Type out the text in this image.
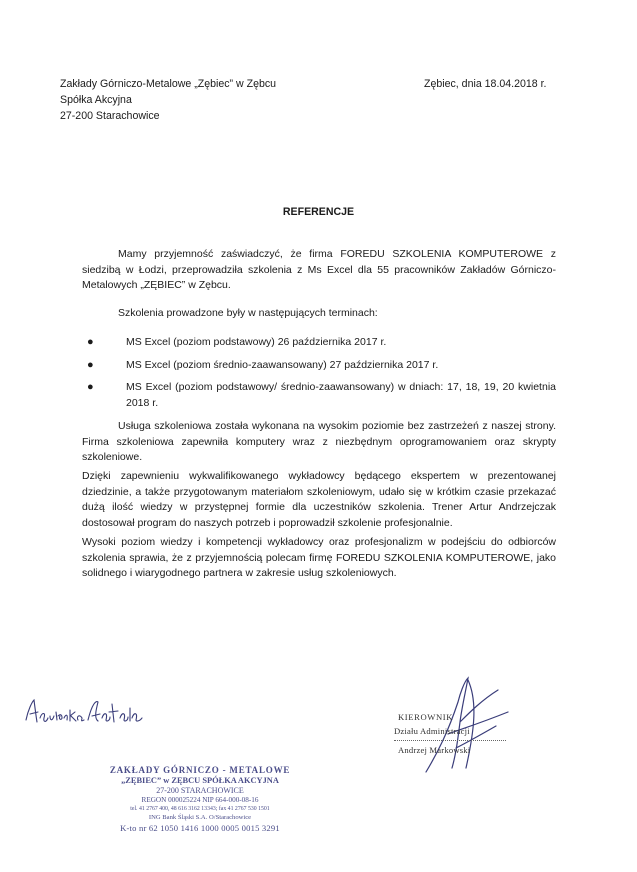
Zakłady Górniczo-Metalowe „Zębiec” w Zębcu
Spółka Akcyjna
27-200 Starachowice
Zębiec, dnia 18.04.2018 r.
REFERENCJE
Mamy przyjemność zaświadczyć, że firma FOREDU SZKOLENIA KOMPUTEROWE z siedzibą w Łodzi, przeprowadziła szkolenia z Ms Excel dla 55 pracowników Zakładów Górniczo- Metalowych „ZĘBIEC” w Zębcu.
Szkolenia prowadzone były w następujących terminach:
●	MS Excel (poziom podstawowy) 26 października 2017 r.
●	MS Excel (poziom średnio-zaawansowany) 27 października 2017 r.
●	MS Excel (poziom podstawowy/ średnio-zaawansowany) w dniach: 17, 18, 19, 20 kwietnia 2018 r.
Usługa szkoleniowa została wykonana na wysokim poziomie bez zastrzeżeń z naszej strony. Firma szkoleniowa zapewniła komputery wraz z niezbędnym oprogramowaniem oraz skrypty szkoleniowe.
Dzięki zapewnieniu wykwalifikowanego wykładowcy będącego ekspertem w prezentowanej dziedzinie, a także przygotowanym materiałom szkoleniowym, udało się w krótkim czasie przekazać dużą ilość wiedzy w przystępnej formie dla uczestników szkolenia. Trener Artur Andrzejczak dostosował program do naszych potrzeb i poprowadził szkolenie profesjonalnie.
Wysoki poziom wiedzy i kompetencji wykładowcy oraz profesjonalizm w podejściu do odbiorców szkolenia sprawia, że z przyjemnością polecam firmę FOREDU SZKOLENIA KOMPUTEROWE, jako solidnego i wiarygodnego partnera w zakresie usług szkoleniowych.
KIEROWNIK
Działu Administracji
Andrzej Markowski
ZAKŁADY GÓRNICZO - METALOWE
„ZĘBIEC” w ZĘBCU SPÓŁKA AKCYJNA
27-200 STARACHOWICE
REGON 000025224 NIP 664-000-08-16
tel. 41 2767 400, 48 616 3162 13343; fax 41 2767 530 1501
ING Bank Śląski S.A. O/Starachowice
K-to nr 62 1050 1416 1000 0005 0015 3291
